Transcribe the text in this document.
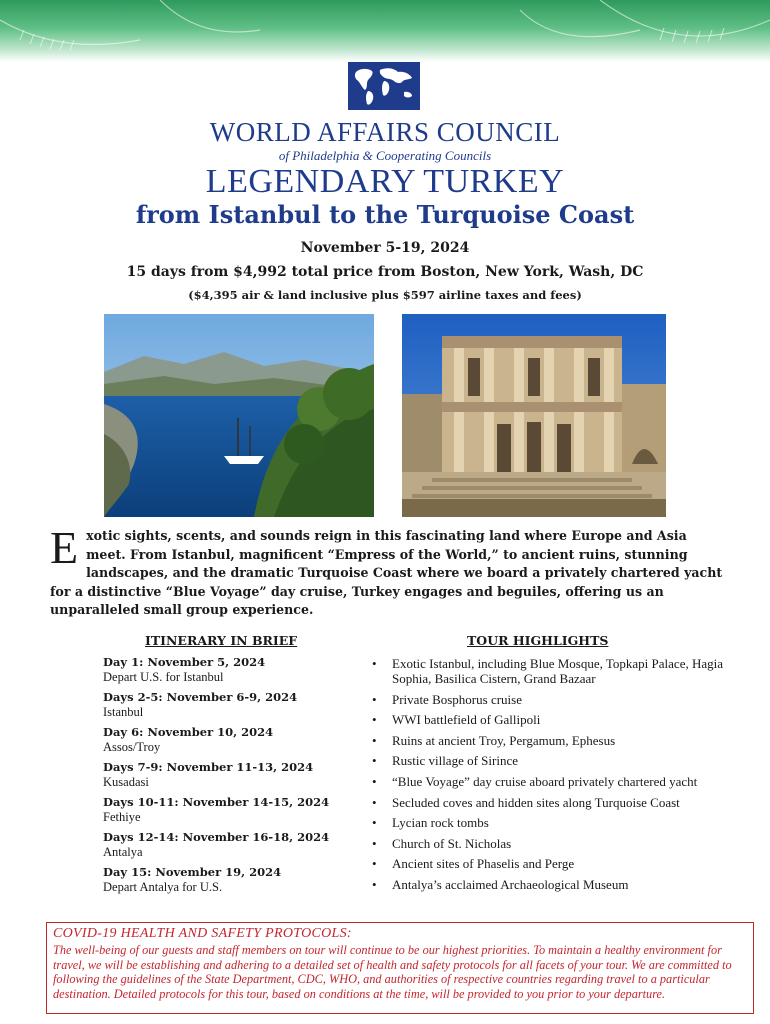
WORLD AFFAIRS COUNCIL
of Philadelphia & Cooperating Councils
LEGENDARY TURKEY
from Istanbul to the Turquoise Coast
November 5-19, 2024
15 days from $4,992 total price from Boston, New York, Wash, DC
($4,395 air & land inclusive plus $597 airline taxes and fees)
Exotic sights, scents, and sounds reign in this fascinating land where Europe and Asia meet. From Istanbul, magnificent “Empress of the World,” to ancient ruins, stunning landscapes, and the dramatic Turquoise Coast where we board a privately chartered yacht for a distinctive “Blue Voyage” day cruise, Turkey engages and beguiles, offering us an unparalleled small group experience.
ITINERARY IN BRIEF
Day 1: November 5, 2024
Depart U.S. for Istanbul
Days 2-5: November 6-9, 2024
Istanbul
Day 6: November 10, 2024
Assos/Troy
Days 7-9: November 11-13, 2024
Kusadasi
Days 10-11: November 14-15, 2024
Fethiye
Days 12-14: November 16-18, 2024
Antalya
Day 15: November 19, 2024
Depart Antalya for U.S.
TOUR HIGHLIGHTS
• Exotic Istanbul, including Blue Mosque, Topkapi Palace, Hagia Sophia, Basilica Cistern, Grand Bazaar
• Private Bosphorus cruise
• WWI battlefield of Gallipoli
• Ruins at ancient Troy, Pergamum, Ephesus
• Rustic village of Sirince
• “Blue Voyage” day cruise aboard privately chartered yacht
• Secluded coves and hidden sites along Turquoise Coast
• Lycian rock tombs
• Church of St. Nicholas
• Ancient sites of Phaselis and Perge
• Antalya’s acclaimed Archaeological Museum
COVID-19 HEALTH AND SAFETY PROTOCOLS:
The well-being of our guests and staff members on tour will continue to be our highest priorities. To maintain a healthy environment for travel, we will be establishing and adhering to a detailed set of health and safety protocols for all facets of your tour. We are committed to following the guidelines of the State Department, CDC, WHO, and authorities of respective countries regarding travel to a particular destination. Detailed protocols for this tour, based on conditions at the time, will be provided to you prior to your departure.
